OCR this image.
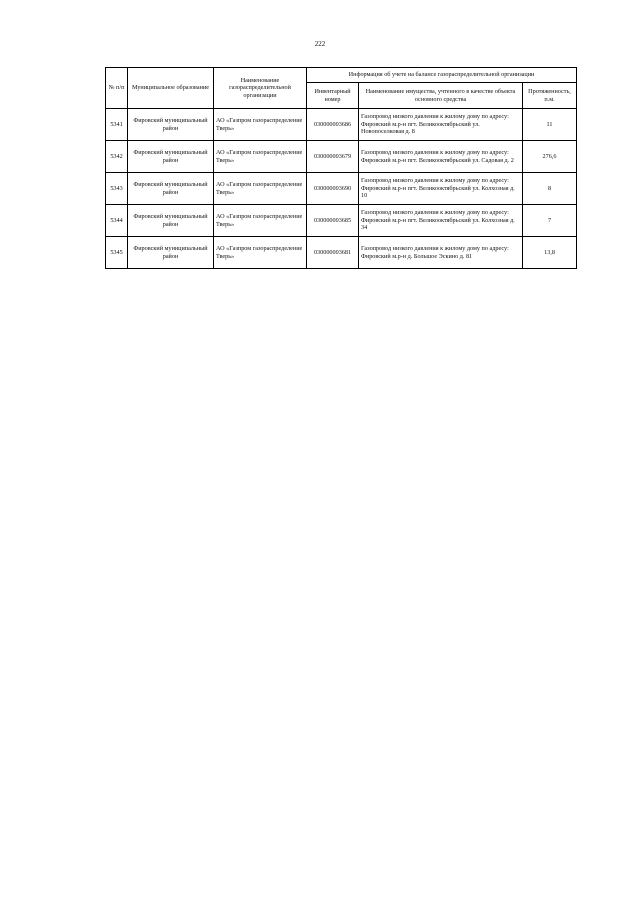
222
№ п/п	Муниципальное образование	Наименование газораспределительной организации	Информация об учете на балансе газораспределительной организации		
			Инвентарный номер	Наименование имущества, учтенного в качестве объекта основного средства	Протяженность, п.м.
5341	Фировский муниципальный район	АО «Газпром газораспределение Тверь»	030000003686	Газопровод низкого давления к жилому дому по адресу: Фировский м.р-н пгт. Великооктябрьский ул. Новопоселковая д. 8	11
5342	Фировский муниципальный район	АО «Газпром газораспределение Тверь»	030000003679	Газопровод низкого давления к жилому дому по адресу: Фировский м.р-н пгт. Великооктябрьский ул. Садовая д. 2	276,6
5343	Фировский муниципальный район	АО «Газпром газораспределение Тверь»	030000003690	Газопровод низкого давления к жилому дому по адресу: Фировский м.р-н пгт. Великооктябрьский ул. Колхозная д. 10	8
5344	Фировский муниципальный район	АО «Газпром газораспределение Тверь»	030000003685	Газопровод низкого давления к жилому дому по адресу: Фировский м.р-н пгт. Великооктябрьский ул. Колхозная д. 34	7
5345	Фировский муниципальный район	АО «Газпром газораспределение Тверь»	030000003681	Газопровод низкого давления к жилому дому по адресу: Фировский м.р-н д. Большое Эскино д. 81	13,8
